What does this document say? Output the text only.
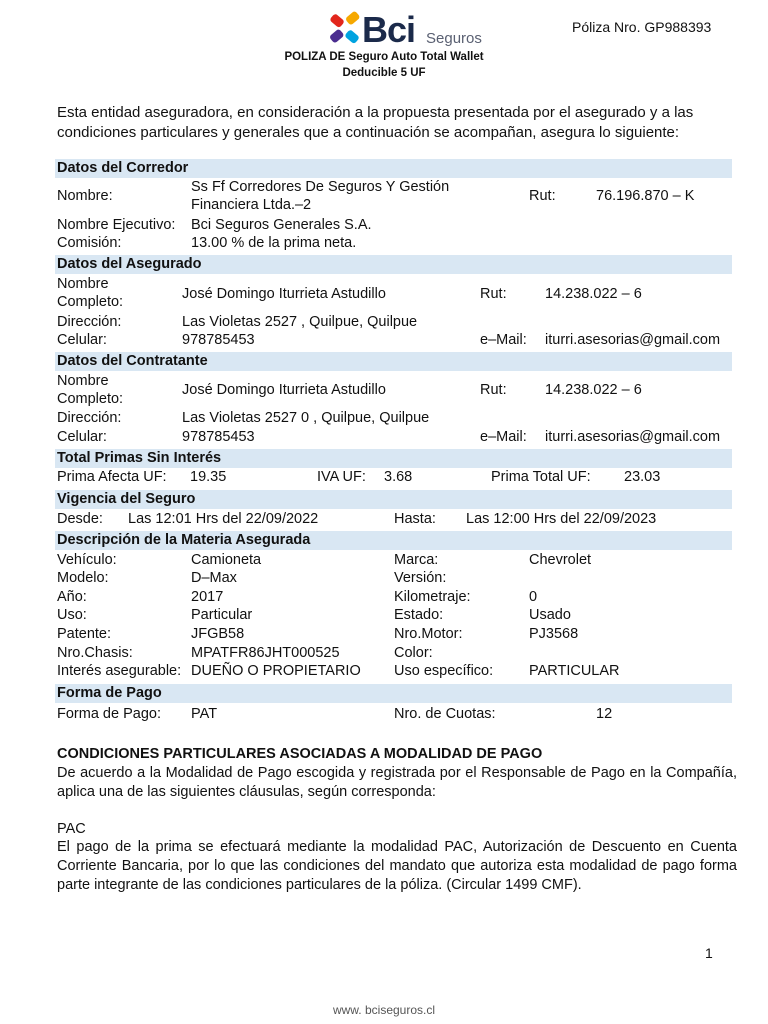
Bci Seguros
Póliza Nro. GP988393
POLIZA DE Seguro Auto Total Wallet
Deducible 5 UF
Esta entidad aseguradora, en consideración a la propuesta presentada por el asegurado y a las condiciones particulares y generales que a continuación se acompañan, asegura lo siguiente:
Datos del Corredor
Nombre:
Ss Ff Corredores De Seguros Y Gestión
Financiera Ltda.–2
Rut:	76.196.870 – K
Nombre Ejecutivo: Bci Seguros Generales S.A.
Comisión:	13.00 % de la prima neta.
Datos del Asegurado
Nombre
Completo:	José Domingo Iturrieta Astudillo	Rut:	14.238.022 – 6
Dirección:	Las Violetas 2527 , Quilpue, Quilpue
Celular:	978785453	e–Mail: iturri.asesorias@gmail.com
Datos del Contratante
Nombre
Completo:
José Domingo Iturrieta Astudillo	Rut:	14.238.022 – 6
Dirección:	Las Violetas 2527 0 , Quilpue, Quilpue
Celular:	978785453	e–Mail: iturri.asesorias@gmail.com
Total Primas Sin Interés
Prima Afecta UF: 19.35	IVA UF: 3.68	Prima Total UF: 23.03
Vigencia del Seguro
Desde: Las 12:01 Hrs del 22/09/2022	Hasta: Las 12:00 Hrs del 22/09/2023
Descripción de la Materia Asegurada
Vehículo:	Camioneta	Marca:	Chevrolet
Modelo:	D–Max	Versión:
Año:	2017	Kilometraje:	0
Uso:	Particular	Estado:	Usado
Patente:	JFGB58	Nro.Motor:	PJ3568
Nro.Chasis:	MPATFR86JHT000525	Color:
Interés asegurable: DUEÑO O PROPIETARIO Uso específico: PARTICULAR
Forma de Pago
Forma de Pago: PAT	Nro. de Cuotas:	12
CONDICIONES PARTICULARES ASOCIADAS A MODALIDAD DE PAGO
De acuerdo a la Modalidad de Pago escogida y registrada por el Responsable de Pago en la Compañía, aplica una de las siguientes cláusulas, según corresponda:
PAC
El pago de la prima se efectuará mediante la modalidad PAC, Autorización de Descuento en Cuenta Corriente Bancaria, por lo que las condiciones del mandato que autoriza esta modalidad de pago forma parte integrante de las condiciones particulares de la póliza. (Circular 1499 CMF).
1
www. bciseguros.cl
